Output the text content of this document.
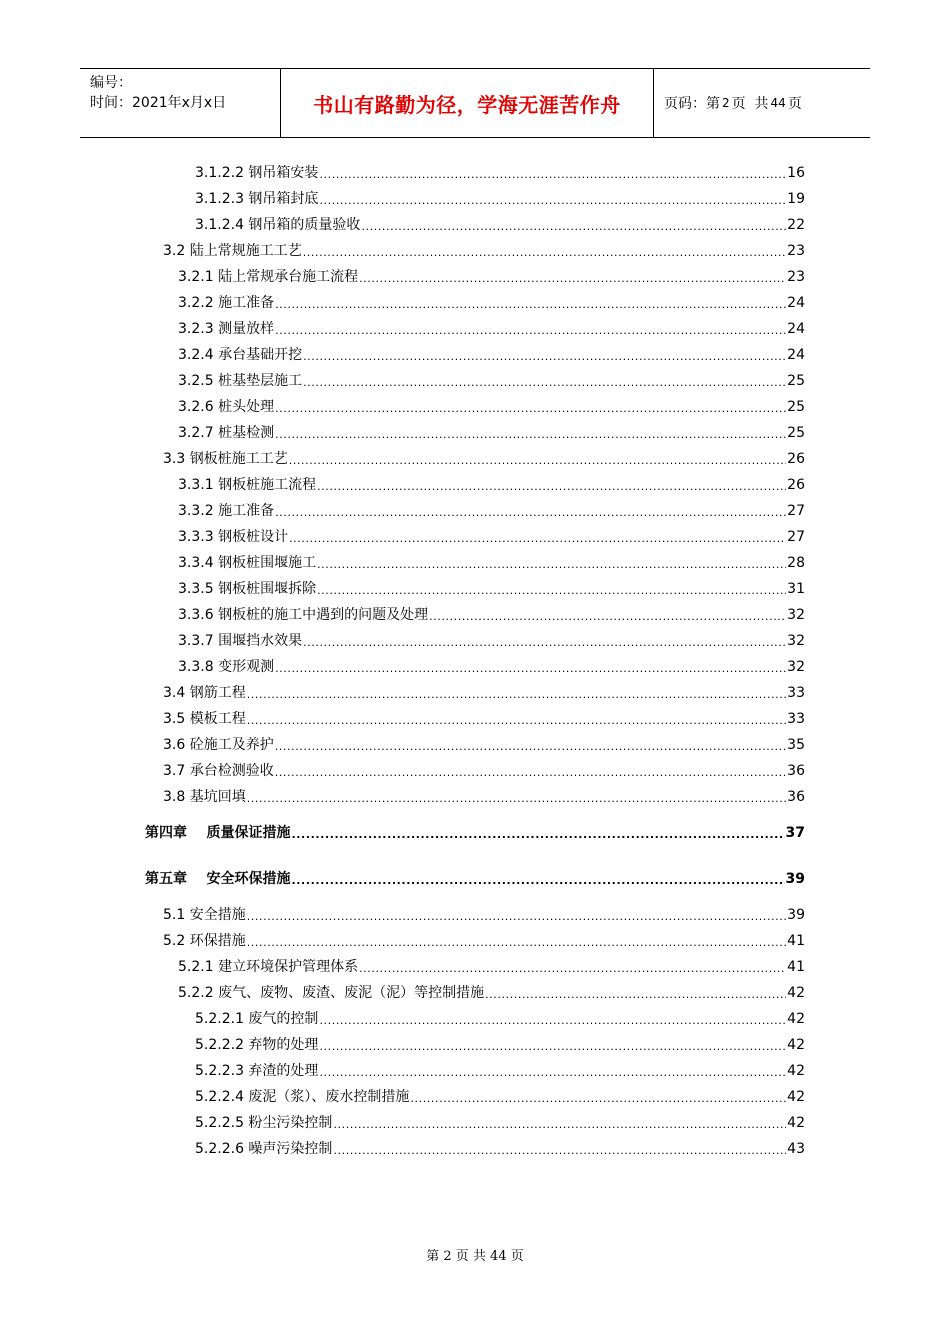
编号：
时间：2021年x月x日	书山有路勤为径，学海无涯苦作舟	页码：第 2 页  共 44 页
3.1.2.2 钢吊箱安装 .....	16
3.1.2.3 钢吊箱封底 .....	19
3.1.2.4 钢吊箱的质量验收 .....	22
3.2 陆上常规施工工艺 .....	23
3.2.1 陆上常规承台施工流程 .....	23
3.2.2 施工准备 .....	24
3.2.3 测量放样 .....	24
3.2.4 承台基础开挖 .....	24
3.2.5 桩基垫层施工 .....	25
3.2.6 桩头处理 .....	25
3.2.7 桩基检测 .....	25
3.3 钢板桩施工工艺 .....	26
3.3.1 钢板桩施工流程 .....	26
3.3.2 施工准备 .....	27
3.3.3 钢板桩设计 .....	27
3.3.4 钢板桩围堰施工 .....	28
3.3.5 钢板桩围堰拆除 .....	31
3.3.6 钢板桩的施工中遇到的问题及处理 .....	32
3.3.7 围堰挡水效果 .....	32
3.3.8 变形观测 .....	32
3.4 钢筋工程 .....	33
3.5 模板工程 .....	33
3.6 砼施工及养护 .....	35
3.7 承台检测验收 .....	36
3.8 基坑回填 .....	36
第四章    质量保证措施 .....	37
第五章    安全环保措施 .....	39
5.1 安全措施 .....	39
5.2 环保措施 .....	41
5.2.1 建立环境保护管理体系 .....	41
5.2.2 废气、废物、废渣、废泥（泥）等控制措施 .....	42
5.2.2.1 废气的控制 .....	42
5.2.2.2 弃物的处理 .....	42
5.2.2.3 弃渣的处理 .....	42
5.2.2.4 废泥（浆）、废水控制措施 .....	42
5.2.2.5 粉尘污染控制 .....	42
5.2.2.6 噪声污染控制 .....	43
第 2 页 共 44 页
